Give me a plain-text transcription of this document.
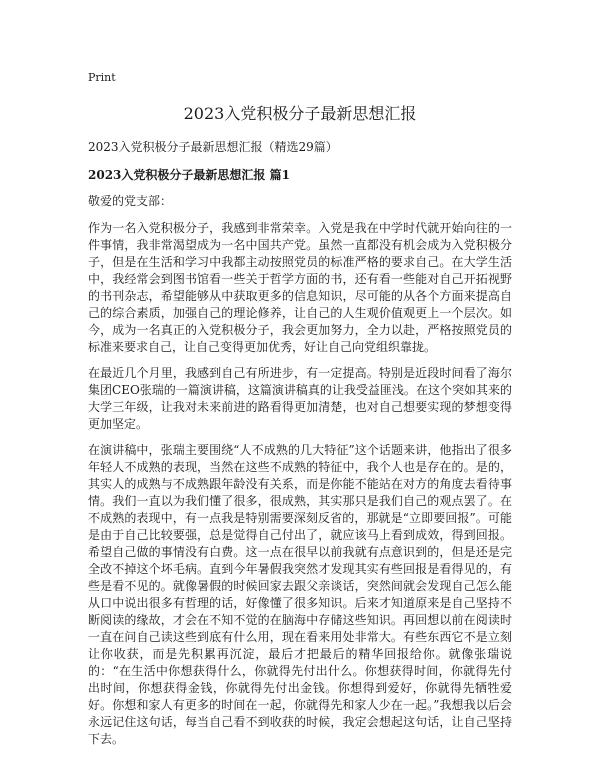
Print
2023入党积极分子最新思想汇报

2023入党积极分子最新思想汇报（精选29篇）

2023入党积极分子最新思想汇报 篇1

敬爱的党支部：

作为一名入党积极分子，我感到非常荣幸。入党是我在中学时代就开始向往的一件事情，我非常渴望成为一名中国共产党。虽然一直都没有机会成为入党积极分子，但是在生活和学习中我都主动按照党员的标准严格的要求自己。在大学生活中，我经常会到图书馆看一些关于哲学方面的书，还有看一些能对自己开拓视野的书刊杂志，希望能够从中获取更多的信息知识，尽可能的从各个方面来提高自己的综合素质，加强自己的理论修养，让自己的人生观价值观更上一个层次。如今，成为一名真正的入党积极分子，我会更加努力，全力以赴，严格按照党员的标准来要求自己，让自己变得更加优秀，好让自己向党组织靠拢。

在最近几个月里，我感到自己有所进步，有一定提高。特别是近段时间看了海尔集团CEO张瑞的一篇演讲稿，这篇演讲稿真的让我受益匪浅。在这个突如其来的大学三年级，让我对未来前进的路看得更加清楚，也对自己想要实现的梦想变得更加坚定。

在演讲稿中，张瑞主要围绕“人不成熟的几大特征”这个话题来讲，他指出了很多年轻人不成熟的表现，当然在这些不成熟的特征中，我个人也是存在的。是的，其实人的成熟与不成熟跟年龄没有关系，而是你能不能站在对方的角度去看待事情。我们一直以为我们懂了很多，很成熟，其实那只是我们自己的观点罢了。在不成熟的表现中，有一点我是特别需要深刻反省的，那就是“立即要回报”。可能是由于自己比较要强，总是觉得自己付出了，就应该马上看到成效，得到回报。希望自己做的事情没有白费。这一点在很早以前我就有点意识到的，但是还是完全改不掉这个坏毛病。直到今年暑假我突然才发现其实有些回报是看得见的，有些是看不见的。就像暑假的时候回家去跟父亲谈话，突然间就会发现自己怎么能从口中说出很多有哲理的话，好像懂了很多知识。后来才知道原来是自己坚持不断阅读的缘故，才会在不知不觉的在脑海中存储这些知识。再回想以前在阅读时一直在问自己读这些到底有什么用，现在看来用处非常大。有些东西它不是立刻让你收获，而是先积累再沉淀，最后才把最后的精华回报给你。就像张瑞说的：“在生活中你想获得什么，你就得先付出什么。你想获得时间，你就得先付出时间，你想获得金钱，你就得先付出金钱。你想得到爱好，你就得先牺牲爱好。你想和家人有更多的时间在一起，你就得先和家人少在一起。”我想我以后会永远记住这句话，每当自己看不到收获的时候，我定会想起这句话，让自己坚持下去。
